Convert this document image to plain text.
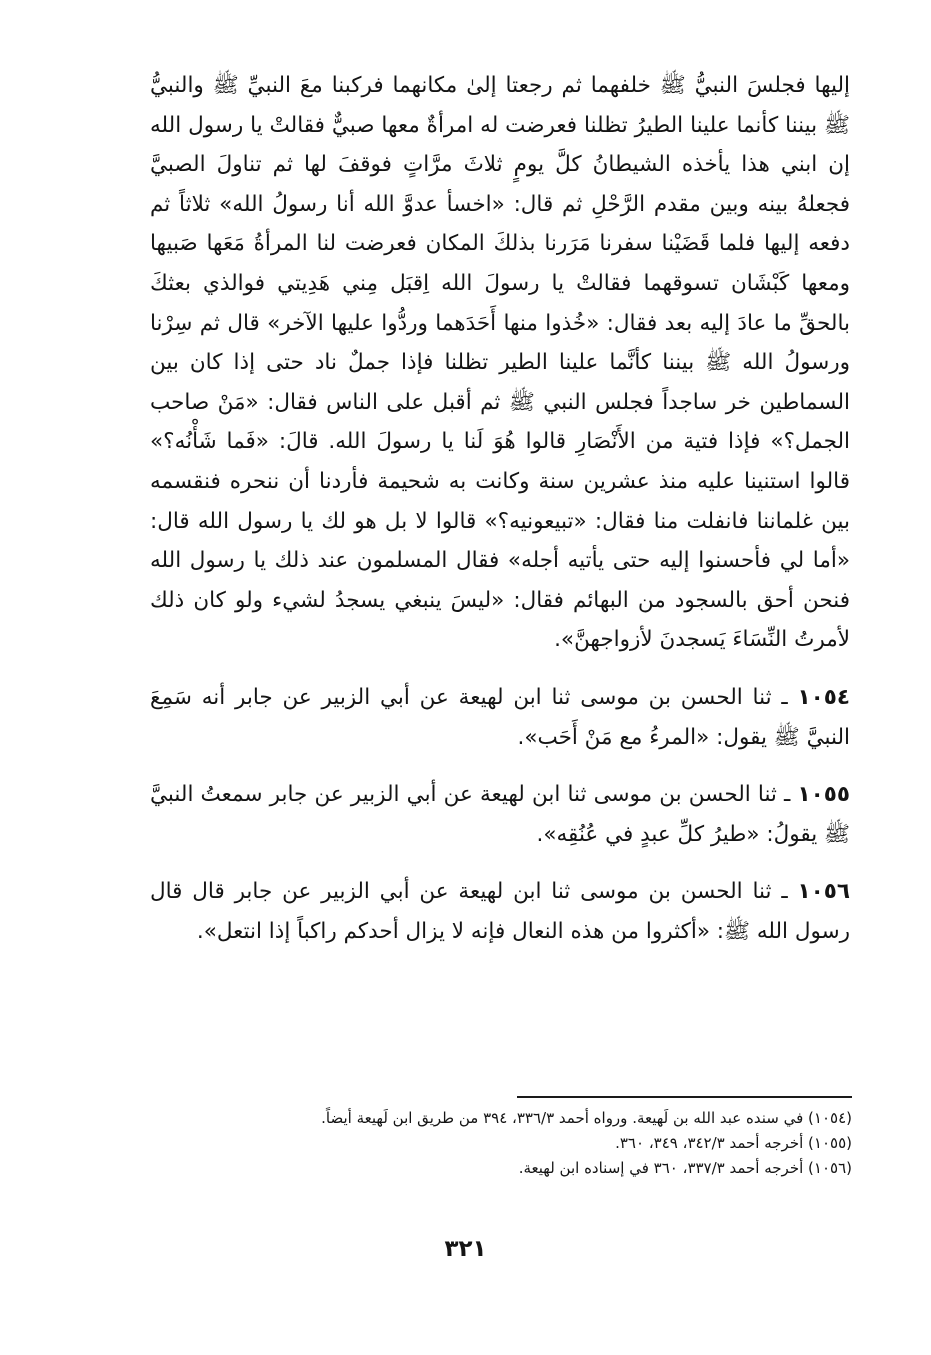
إليها فجلسَ النبيُّ ﷺ خلفهما ثم رجعتا إلىٰ مكانهما فركبنا معَ النبيِّ ﷺ والنبيُّ ﷺ بيننا كأنما علينا الطيرُ تظلنا فعرضت له امرأةٌ معها صبيٌّ فقالتْ يا رسول الله إن ابني هذا يأخذه الشيطانُ كلَّ يومٍ ثلاثَ مرَّاتٍ فوقفَ لها ثم تناولَ الصبيَّ فجعلهُ بينه وبين مقدم الرَّحْلِ ثم قال: «اخسأ عدوَّ الله أنا رسولُ الله» ثلاثاً ثم دفعه إليها فلما قَضَيْنا سفرنا مَرَرنا بذلكَ المكان فعرضت لنا المرأةُ مَعَها صَبيها ومعها كَبْشَان تسوقهما فقالتْ يا رسولَ الله اِقبَل مِني هَدِيتي فوالذي بعثكَ بالحقِّ ما عادَ إليه بعد فقال: «خُذوا منها أَحَدَهما وردُّوا عليها الآخر» قال ثم سِرْنا ورسولُ الله ﷺ بيننا كأنَّما علينا الطير تظلنا فإذا جملٌ ناد حتى إذا كان بين السماطين خر ساجداً فجلس النبي ﷺ ثم أقبل على الناس فقال: «مَنْ صاحب الجمل؟» فإذا فتية من الأَنْصَارِ قالوا هُوَ لَنا يا رسولَ الله. قالَ: «فَما شَأْنُه؟» قالوا استنينا عليه منذ عشرين سنة وكانت به شحيمة فأردنا أن ننحره فنقسمه بين غلماننا فانفلت منا فقال: «تبيعونيه؟» قالوا لا بل هو لك يا رسول الله قال: «أما لي فأحسنوا إليه حتى يأتيه أجله» فقال المسلمون عند ذلك يا رسول الله فنحن أحق بالسجود من البهائم فقال: «ليسَ ينبغي يسجدُ لشيء ولو كان ذلك لأمرتُ النِّسَاءَ يَسجدنَ لأزواجهنَّ».

١٠٥٤ ـ ثنا الحسن بن موسى ثنا ابن لهيعة عن أبي الزبير عن جابر أنه سَمِعَ النبيَّ ﷺ يقول: «المرءُ مع مَنْ أَحَب».

١٠٥٥ ـ ثنا الحسن بن موسى ثنا ابن لهيعة عن أبي الزبير عن جابر سمعتُ النبيَّ ﷺ يقولُ: «طيرُ كلِّ عبدٍ في عُنُقِه».

١٠٥٦ ـ ثنا الحسن بن موسى ثنا ابن لهيعة عن أبي الزبير عن جابر قال قال رسول الله ﷺ: «أكثروا من هذه النعال فإنه لا يزال أحدكم راكباً إذا انتعل».

(١٠٥٤) في سنده عبد الله بن لَهيعة. ورواه أحمد ٣٣٦/٣، ٣٩٤ من طريق ابن لَهيعة أيضاً.

(١٠٥٥) أخرجه أحمد ٣٤٢/٣، ٣٤٩، ٣٦٠.

(١٠٥٦) أخرجه أحمد ٣٣٧/٣، ٣٦٠ في إسناده ابن لهيعة.

٣٢١
